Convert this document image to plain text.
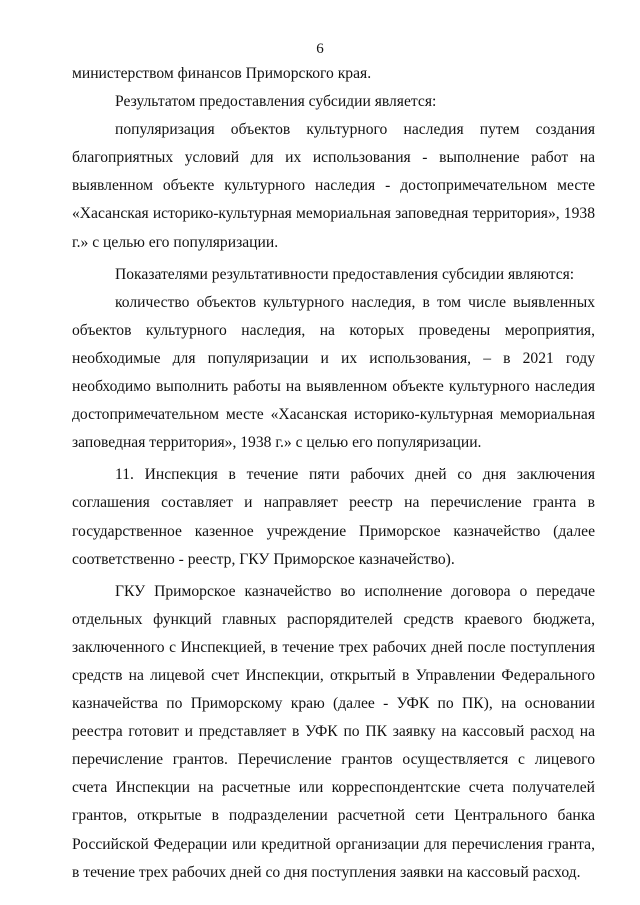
6

министерством финансов Приморского края.

Результатом предоставления субсидии является:

популяризация объектов культурного наследия путем создания благоприятных условий для их использования - выполнение работ на выявленном объекте культурного наследия - достопримечательном месте «Хасанская историко-культурная мемориальная заповедная территория», 1938 г.» с целью его популяризации.

Показателями результативности предоставления субсидии являются:

количество объектов культурного наследия, в том числе выявленных объектов культурного наследия, на которых проведены мероприятия, необходимые для популяризации и их использования, – в 2021 году необходимо выполнить работы на выявленном объекте культурного наследия достопримечательном месте «Хасанская историко-культурная мемориальная заповедная территория», 1938 г.» с целью его популяризации.

11. Инспекция в течение пяти рабочих дней со дня заключения соглашения составляет и направляет реестр на перечисление гранта в государственное казенное учреждение Приморское казначейство (далее соответственно - реестр, ГКУ Приморское казначейство).

ГКУ Приморское казначейство во исполнение договора о передаче отдельных функций главных распорядителей средств краевого бюджета, заключенного с Инспекцией, в течение трех рабочих дней после поступления средств на лицевой счет Инспекции, открытый в Управлении Федерального казначейства по Приморскому краю (далее - УФК по ПК), на основании реестра готовит и представляет в УФК по ПК заявку на кассовый расход на перечисление грантов. Перечисление грантов осуществляется с лицевого счета Инспекции на расчетные или корреспондентские счета получателей грантов, открытые в подразделении расчетной сети Центрального банка Российской Федерации или кредитной организации для перечисления гранта, в течение трех рабочих дней со дня поступления заявки на кассовый расход.
